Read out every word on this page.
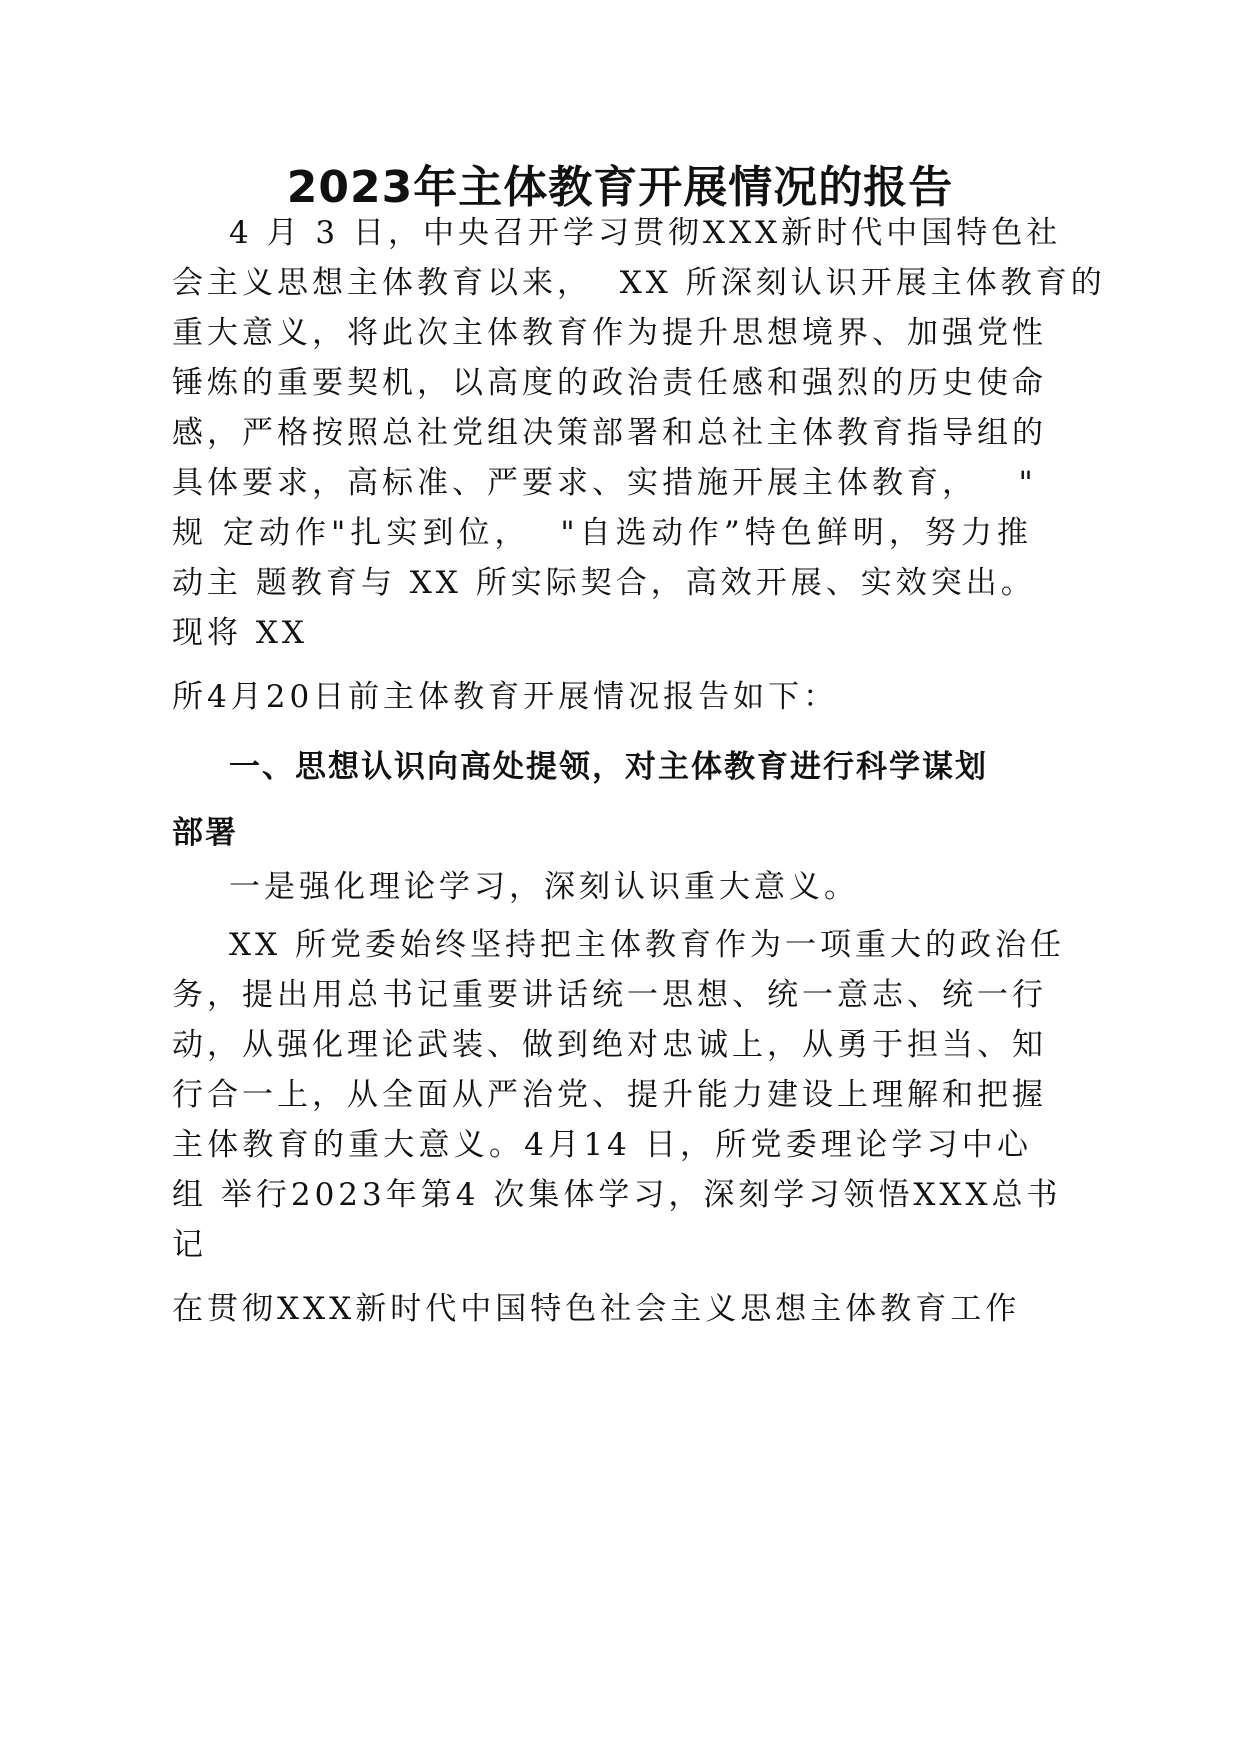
2023年主体教育开展情况的报告
4 月 3 日，中央召开学习贯彻XXX新时代中国特色社
会主义思想主体教育以来，  XX 所深刻认识开展主体教育的
重大意义，将此次主体教育作为提升思想境界、加强党性
锤炼的重要契机，以高度的政治责任感和强烈的历史使命
感，严格按照总社党组决策部署和总社主体教育指导组的
具体要求，高标准、严要求、实措施开展主体教育，   "
规 定动作"扎实到位，  "自选动作”特色鲜明，努力推
动主 题教育与 XX 所实际契合，高效开展、实效突出。
现将 XX
所4月20日前主体教育开展情况报告如下：
一、思想认识向高处提领，对主体教育进行科学谋划
部署
一是强化理论学习，深刻认识重大意义。
XX 所党委始终坚持把主体教育作为一项重大的政治任
务，提出用总书记重要讲话统一思想、统一意志、统一行
动，从强化理论武装、做到绝对忠诚上，从勇于担当、知
行合一上，从全面从严治党、提升能力建设上理解和把握
主体教育的重大意义。4月14 日，所党委理论学习中心
组 举行2023年第4 次集体学习，深刻学习领悟XXX总书
记
在贯彻XXX新时代中国特色社会主义思想主体教育工作
